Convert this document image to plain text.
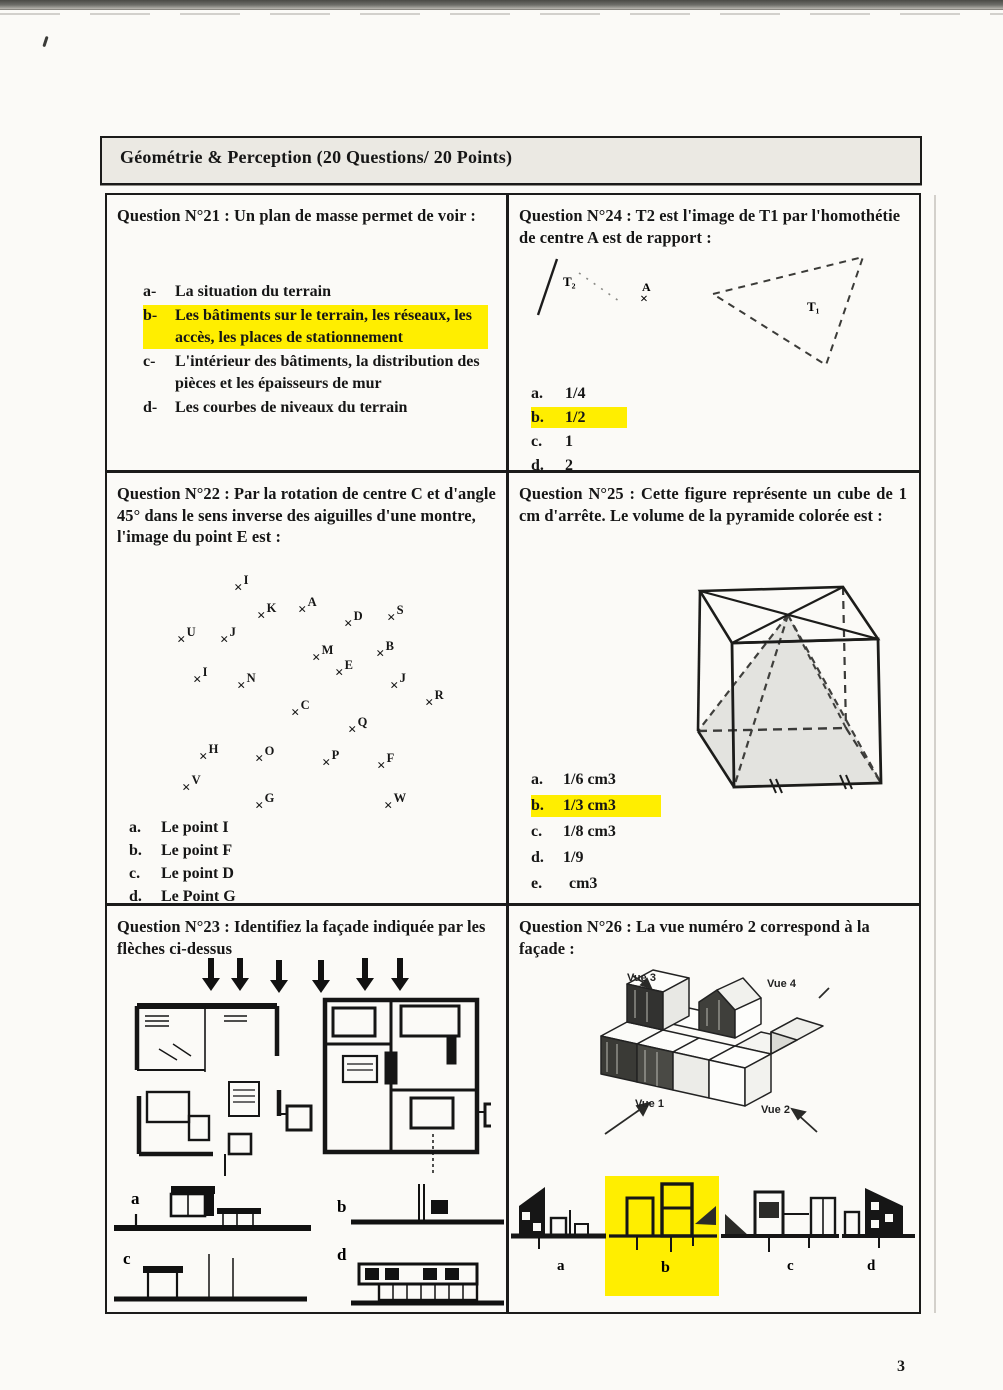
Géométrie & Perception (20 Questions/ 20 Points)
Question N°21 : Un plan de masse permet de voir :
a-	La situation du terrain
b-	Les bâtiments sur le terrain, les réseaux, les accès, les places de stationnement
c-	L'intérieur des bâtiments, la distribution des pièces et les épaisseurs de mur
d-	Les courbes de niveaux du terrain
Question N°24 : T2 est l'image de T1 par l'homothétie de centre A est de rapport :
T₂	A
×	T₁
a.	1/4
b.	1/2
c.	1
d.	2
Question N°22 : Par la rotation de centre C et d'angle 45° dans le sens inverse des aiguilles d'une montre, l'image du point E est :
×$^I$
×$^K$ ×$^A$
×$^D$ ×$^S$
×$^U$ ×$^J$
×$^M$	×$^B$
×$^I$
×$^N$	×$^E$
×$^J$
×$^R$
×$^C$
×$^Q$
×$^H$
×$^O$
×$^P$
×$^F$
×$^V$
×$^G$	×$^W$
a.	Le point I
b.	Le point F
c.	Le point D
d.	Le Point G
Question N°25 : Cette figure représente un cube de 1 cm d'arrête. Le volume de la pyramide colorée est :
a.	1/6 cm3
b.	1/3 cm3
c.	1/8 cm3
d.	1/9
e.	cm3
Question N°23 : Identifiez la façade indiquée par les flèches ci-dessus
a	b
c	d
Question N°26 : La vue numéro 2 correspond à la façade :
Vue 3	Vue 4
Vue 1	Vue 2
a	b	c	d
3
